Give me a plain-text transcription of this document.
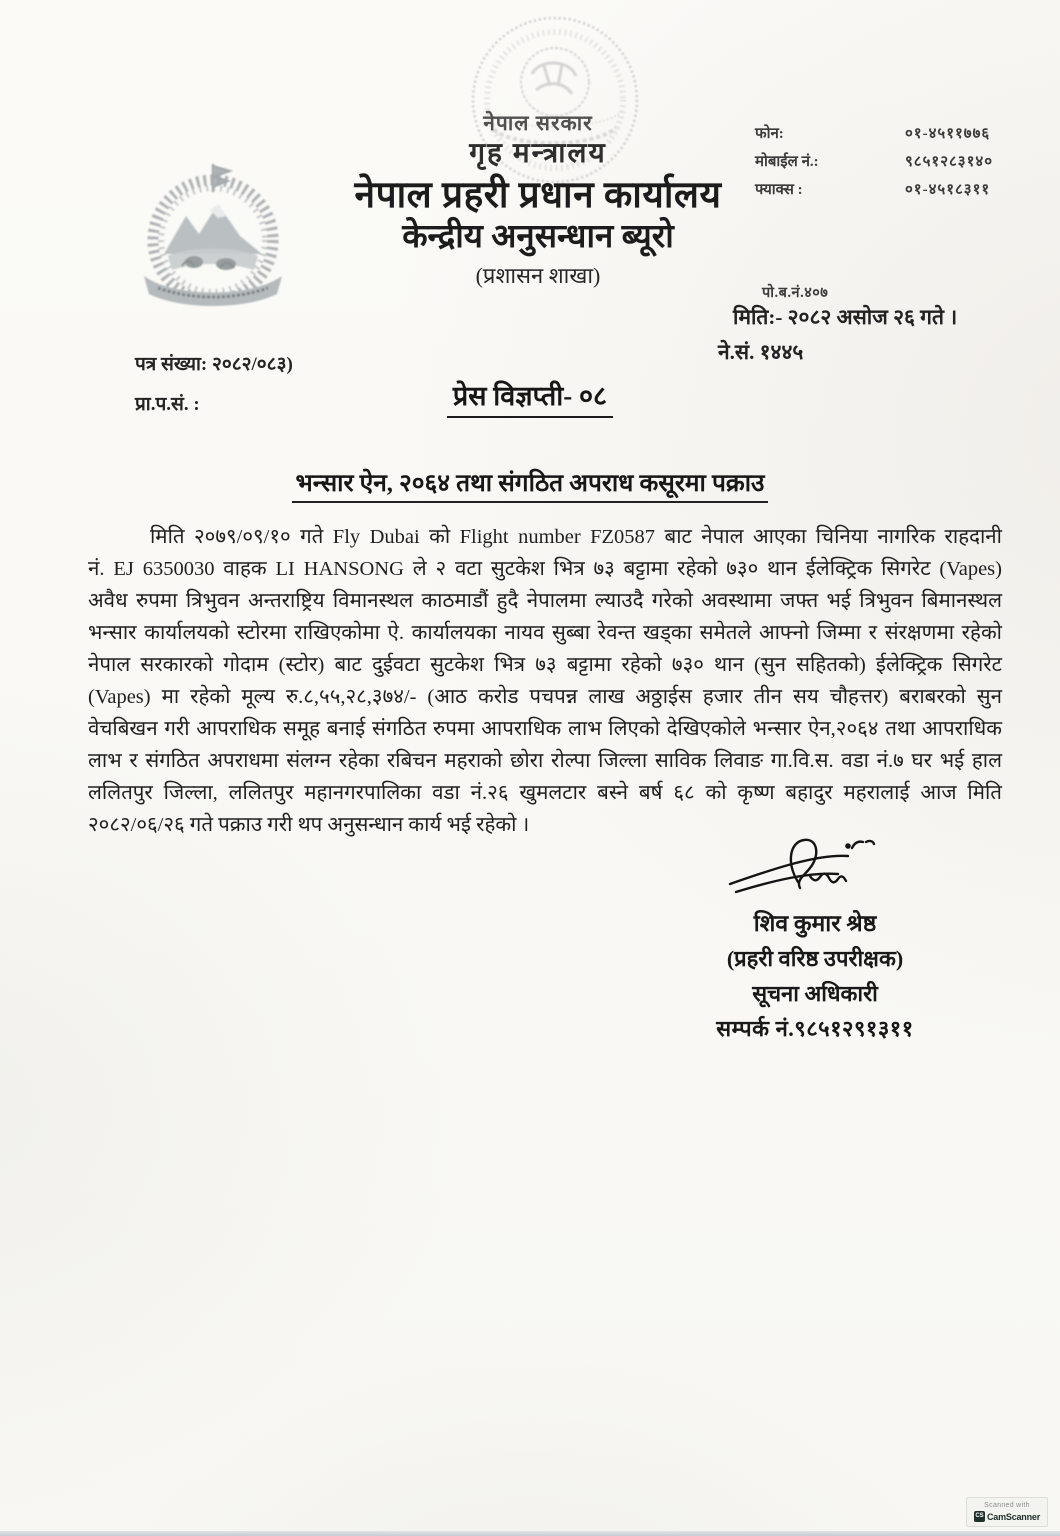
नेपाल सरकार
गृह मन्त्रालय
नेपाल प्रहरी प्रधान कार्यालय
केन्द्रीय अनुसन्धान ब्यूरो
(प्रशासन शाखा)
फोन:	०१-४५११७७६
मोबाईल नं.:	९८५१२८३१४०
फ्याक्स :	०१-४५१८३११
पो.ब.नं.४०७
मिति:- २०८२ असोज २६ गते ।
ने.सं. १४४५
पत्र संख्या: २०८२/०८३)
प्रा.प.सं. :	प्रेस विज्ञप्ती- ०८
भन्सार ऐन, २०६४ तथा संगठित अपराध कसूरमा पक्राउ
मिति २०७९/०९/१० गते Fly Dubai को Flight number FZ0587 बाट नेपाल आएका चिनिया नागरिक राहदानी
नं. EJ 6350030 वाहक LI HANSONG ले २ वटा सुटकेश भित्र ७३ बट्टामा रहेको ७३० थान ईलेक्ट्रिक सिगरेट (Vapes)
अवैध रुपमा त्रिभुवन अन्तराष्ट्रिय विमानस्थल काठमाडौं हुदै नेपालमा ल्याउदै गरेको अवस्थामा जफ्त भई त्रिभुवन बिमानस्थल
भन्सार कार्यालयको स्टोरमा राखिएकोमा ऐ. कार्यालयका नायव सुब्बा रेवन्त खड्का समेतले आफ्नो जिम्मा र संरक्षणमा रहेको
नेपाल सरकारको गोदाम (स्टोर) बाट दुईवटा सुटकेश भित्र ७३ बट्टामा रहेको ७३० थान (सुन सहितको) ईलेक्ट्रिक सिगरेट
(Vapes) मा रहेको मूल्य रु.८,५५,२८,३७४/- (आठ करोड पचपन्न लाख अठ्ठाईस हजार तीन सय चौहत्तर) बराबरको सुन
वेचबिखन गरी आपराधिक समूह बनाई संगठित रुपमा आपराधिक लाभ लिएको देखिएकोले भन्सार ऐन,२०६४ तथा आपराधिक
लाभ र संगठित अपराधमा संलग्न रहेका रबिचन महराको छोरा रोल्पा जिल्ला साविक लिवाङ गा.वि.स. वडा नं.७ घर भई हाल
ललितपुर जिल्ला, ललितपुर महानगरपालिका वडा नं.२६ खुमलटार बस्ने बर्ष ६८ को कृष्ण बहादुर महरालाई आज मिति
२०८२/०६/२६ गते पक्राउ गरी थप अनुसन्धान कार्य भई रहेको ।
शिव कुमार श्रेष्ठ
(प्रहरी वरिष्ठ उपरीक्षक)
सूचना अधिकारी
सम्पर्क नं.९८५१२९१३११
Scanned with
CS CamScanner
